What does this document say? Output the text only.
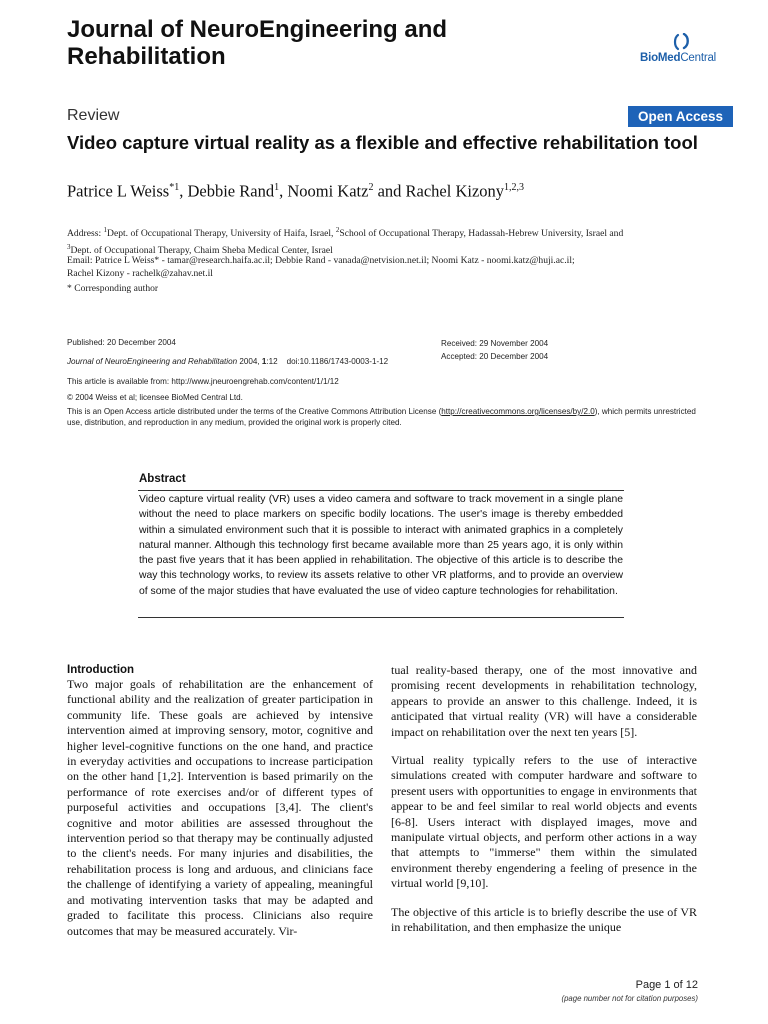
Journal of NeuroEngineering and Rehabilitation	BioMedCentral
Review	Open Access
Video capture virtual reality as a flexible and effective rehabilitation tool
Patrice L Weiss$^{*1}$, Debbie Rand$^1$, Noomi Katz$^2$ and Rachel Kizony$^{1,2,3}$
Address: $^1$Dept. of Occupational Therapy, University of Haifa, Israel, $^2$School of Occupational Therapy, Hadassah-Hebrew University, Israel and
$^3$Dept. of Occupational Therapy, Chaim Sheba Medical Center, Israel
Email: Patrice L Weiss* - tamar@research.haifa.ac.il; Debbie Rand - vanada@netvision.net.il; Noomi Katz - noomi.katz@huji.ac.il;
Rachel Kizony - rachelk@zahav.net.il
* Corresponding author
Published: 20 December 2004
Journal of NeuroEngineering and Rehabilitation 2004, 1:12    doi:10.1186/1743-0003-1-12
Received: 29 November 2004
Accepted: 20 December 2004
This article is available from: http://www.jneuroengrehab.com/content/1/1/12
© 2004 Weiss et al; licensee BioMed Central Ltd.
This is an Open Access article distributed under the terms of the Creative Commons Attribution License (http://creativecommons.org/licenses/by/2.0), which permits unrestricted use, distribution, and reproduction in any medium, provided the original work is properly cited.
Abstract
Video capture virtual reality (VR) uses a video camera and software to track movement in a single plane without the need to place markers on specific bodily locations. The user's image is thereby embedded within a simulated environment such that it is possible to interact with animated graphics in a completely natural manner. Although this technology first became available more than 25 years ago, it is only within the past five years that it has been applied in rehabilitation. The objective of this article is to describe the way this technology works, to review its assets relative to other VR platforms, and to provide an overview of some of the major studies that have evaluated the use of video capture technologies for rehabilitation.
Introduction

Two major goals of rehabilitation are the enhancement of functional ability and the realization of greater participation in community life. These goals are achieved by intensive intervention aimed at improving sensory, motor, cognitive and higher level-cognitive functions on the one hand, and practice in everyday activities and occupations to increase participation on the other hand [1,2]. Intervention is based primarily on the performance of rote exercises and/or of different types of purposeful activities and occupations [3,4]. The client's cognitive and motor abilities are assessed throughout the intervention period so that therapy may be continually adjusted to the client's needs. For many injuries and disabilities, the rehabilitation process is long and arduous, and clinicians face the challenge of identifying a variety of appealing, meaningful and motivating intervention tasks that may be adapted and graded to facilitate this process. Clinicians also require outcomes that may be measured accurately. Vir-

tual reality-based therapy, one of the most innovative and promising recent developments in rehabilitation technology, appears to provide an answer to this challenge. Indeed, it is anticipated that virtual reality (VR) will have a considerable impact on rehabilitation over the next ten years [5].

Virtual reality typically refers to the use of interactive simulations created with computer hardware and software to present users with opportunities to engage in environments that appear to be and feel similar to real world objects and events [6-8]. Users interact with displayed images, move and manipulate virtual objects, and perform other actions in a way that attempts to "immerse" them within the simulated environment thereby engendering a feeling of presence in the virtual world [9,10].

The objective of this article is to briefly describe the use of VR in rehabilitation, and then emphasize the unique

Page 1 of 12
(page number not for citation purposes)
